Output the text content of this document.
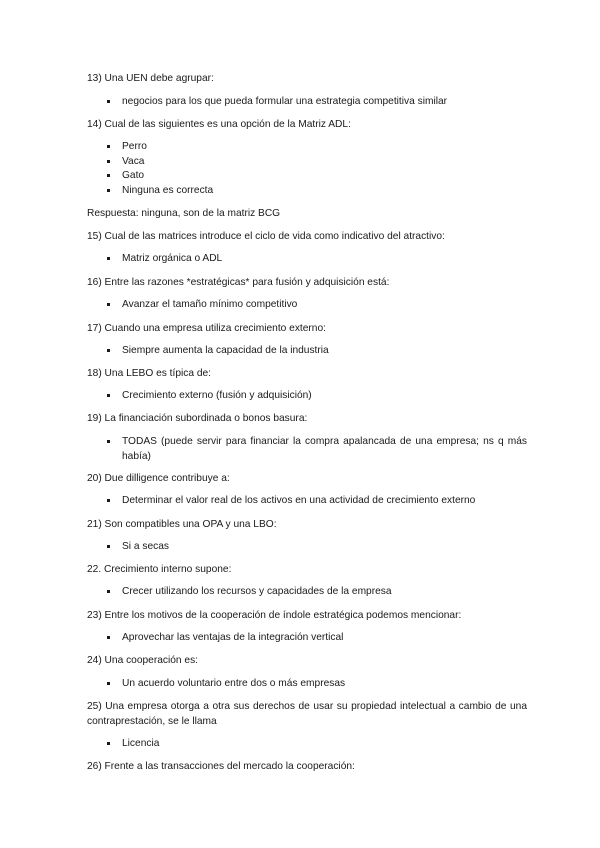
13) Una UEN debe agrupar:

negocios para los que pueda formular una estrategia competitiva similar

14) Cual de las siguientes es una opción de la Matriz ADL:

Perro

Vaca

Gato

Ninguna es correcta

Respuesta: ninguna, son de la matriz BCG

15) Cual de las matrices introduce el ciclo de vida como indicativo del atractivo:

Matriz orgánica o ADL

16) Entre las razones *estratégicas* para fusión y adquisición está:

Avanzar el tamaño mínimo competitivo

17) Cuando una empresa utiliza crecimiento externo:

Siempre aumenta la capacidad de la industria

18) Una LEBO es típica de:

Crecimiento externo (fusión y adquisición)

19) La financiación subordinada o bonos basura:

TODAS (puede servir para financiar la compra apalancada de una empresa; ns q más había)

20) Due dilligence contribuye a:

Determinar el valor real de los activos en una actividad de crecimiento externo

21) Son compatibles una OPA y una LBO:

Si a secas

22. Crecimiento interno supone:

Crecer utilizando los recursos y capacidades de la empresa

23) Entre los motivos de la cooperación de índole estratégica podemos mencionar:

Aprovechar las ventajas de la integración vertical

24) Una cooperación es:

Un acuerdo voluntario entre dos o más empresas

25) Una empresa otorga a otra sus derechos de usar su propiedad intelectual a cambio de una contraprestación, se le llama

Licencia

26) Frente a las transacciones del mercado la cooperación:
